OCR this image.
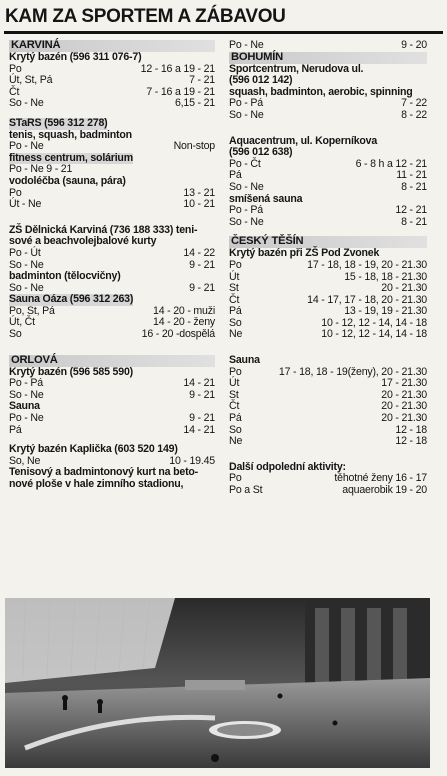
KAM ZA SPORTEM A ZÁBAVOU
KARVINÁ
Krytý bazén (596 311 076-7)
Po	12 - 16 a 19 - 21
Út, St, Pá	7 - 21
Čt	7 - 16 a 19 - 21
So - Ne	6,15 - 21
STaRS (596 312 278)
tenis, squash, badminton
Po - Ne	Non-stop
fitness centrum, solárium
Po - Ne 9 - 21
vodoléčba (sauna, pára)
Po	13 - 21
Út - Ne	10 - 21
ZŠ Dělnická Karviná (736 188 333) teni-
sové a beachvolejbalové kurty
Po - Út	14 - 22
So - Ne	9 - 21
badminton (tělocvičny)
So - Ne	9 - 21
Sauna Oáza (596 312 263)
Po, St, Pá	14 - 20 - muži
Út, Čt	14 - 20 - ženy
So	16 - 20 -dospělá
ORLOVÁ
Krytý bazén (596 585 590)
Po - Pá	14 - 21
So - Ne	9 - 21
Sauna
Po - Ne	9 - 21
Pá	14 - 21
Krytý bazén Kaplička (603 520 149)
So, Ne	10 - 19.45
Tenisový a badmintonový kurt na beto-
nové ploše v hale zimního stadionu,
Po - Ne	9 - 20
BOHUMÍN
Sportcentrum, Nerudova ul.
(596 012 142)
squash, badminton, aerobic, spinning
Po - Pá	7 - 22
So - Ne	8 - 22
Aquacentrum, ul. Koperníkova
(596 012 638)
Po - Čt	6 - 8 h a 12 - 21
Pá	11 - 21
So - Ne	8 - 21
smíšená sauna
Po - Pá	12 - 21
So - Ne	8 - 21
ČESKÝ TĚŠÍN
Krytý bazén při ZŠ Pod Zvonek
Po	17 - 18, 18 - 19, 20 - 21.30
Út	15 - 18, 18 - 21.30
St	20 - 21.30
Čt	14 - 17, 17 - 18, 20 - 21.30
Pá	13 - 19, 19 - 21.30
So	10 - 12, 12 - 14, 14 - 18
Ne	10 - 12, 12 - 14, 14 - 18
Sauna
Po	17 - 18, 18 - 19(ženy), 20 - 21.30
Út	17 - 21.30
St	20 - 21.30
Čt	20 - 21.30
Pá	20 - 21.30
So	12 - 18
Ne	12 - 18
Další odpolední aktivity:
Po	těhotné ženy 16 - 17
Po a St	aquaerobik 19 - 20
